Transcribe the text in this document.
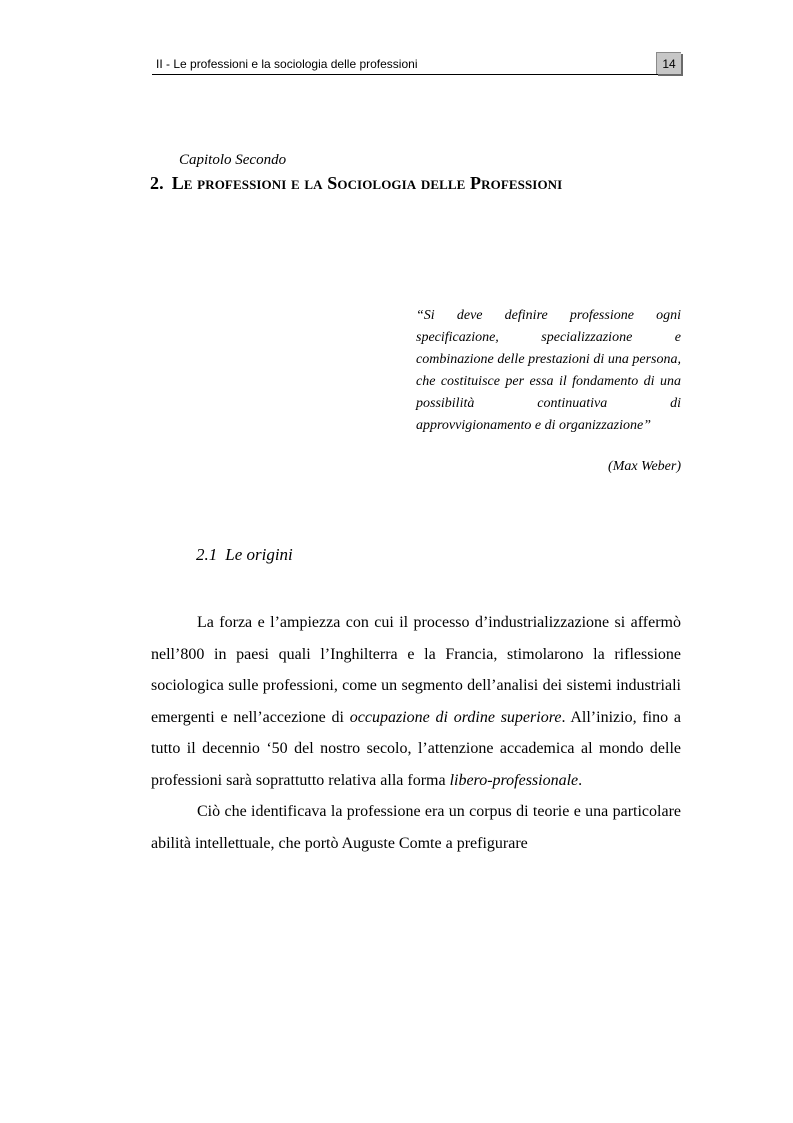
II - Le professioni e la sociologia delle professioni	14
Capitolo Secondo
2. Le professioni e la Sociologia delle Professioni
“Si deve definire professione ogni specificazione, specializzazione e combinazione delle prestazioni di una persona, che costituisce per essa il fondamento di una possibilità continuativa di approvvigionamento e di organizzazione”
(Max Weber)
2.1 Le origini

La forza e l’ampiezza con cui il processo d’industrializzazione si affermò nell’800 in paesi quali l’Inghilterra e la Francia, stimolarono la riflessione sociologica sulle professioni, come un segmento dell’analisi dei sistemi industriali emergenti e nell’accezione di occupazione di ordine superiore. All’inizio, fino a tutto il decennio ‘50 del nostro secolo, l’attenzione accademica al mondo delle professioni sarà soprattutto relativa alla forma libero-professionale.

Ciò che identificava la professione era un corpus di teorie e una particolare abilità intellettuale, che portò Auguste Comte a prefigurare
